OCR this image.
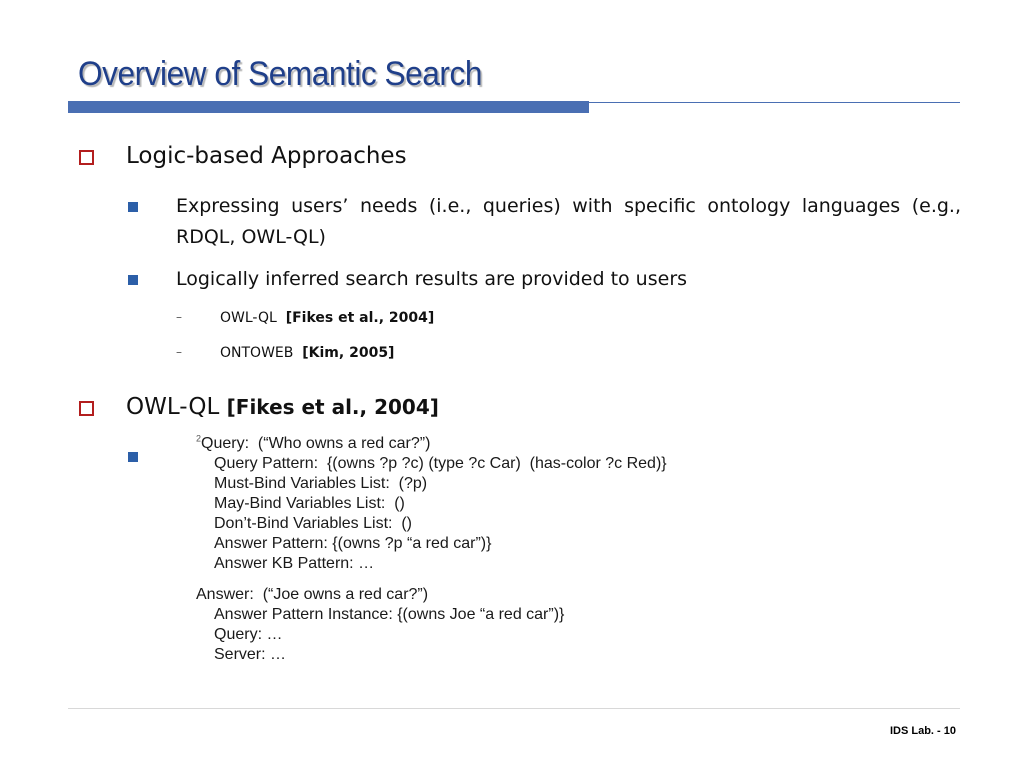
Overview of Semantic Search
Logic-based Approaches
Expressing users’ needs (i.e., queries) with specific ontology languages (e.g., RDQL, OWL-QL)
Logically inferred search results are provided to users
–	OWL-QL [Fikes et al., 2004]
–	ONTOWEB [Kim, 2005]
OWL-QL [Fikes et al., 2004]
$^2$Query:  (“Who owns a red car?”)
Query Pattern:  {(owns ?p ?c) (type ?c Car)  (has-color ?c Red)}
Must-Bind Variables List:  (?p)
May-Bind Variables List:  ()
Don’t-Bind Variables List:  ()
Answer Pattern: {(owns ?p “a red car”)}
Answer KB Pattern: …
Answer:  (“Joe owns a red car?”)
Answer Pattern Instance: {(owns Joe “a red car”)}
Query: …
Server: …
IDS Lab. - 10
